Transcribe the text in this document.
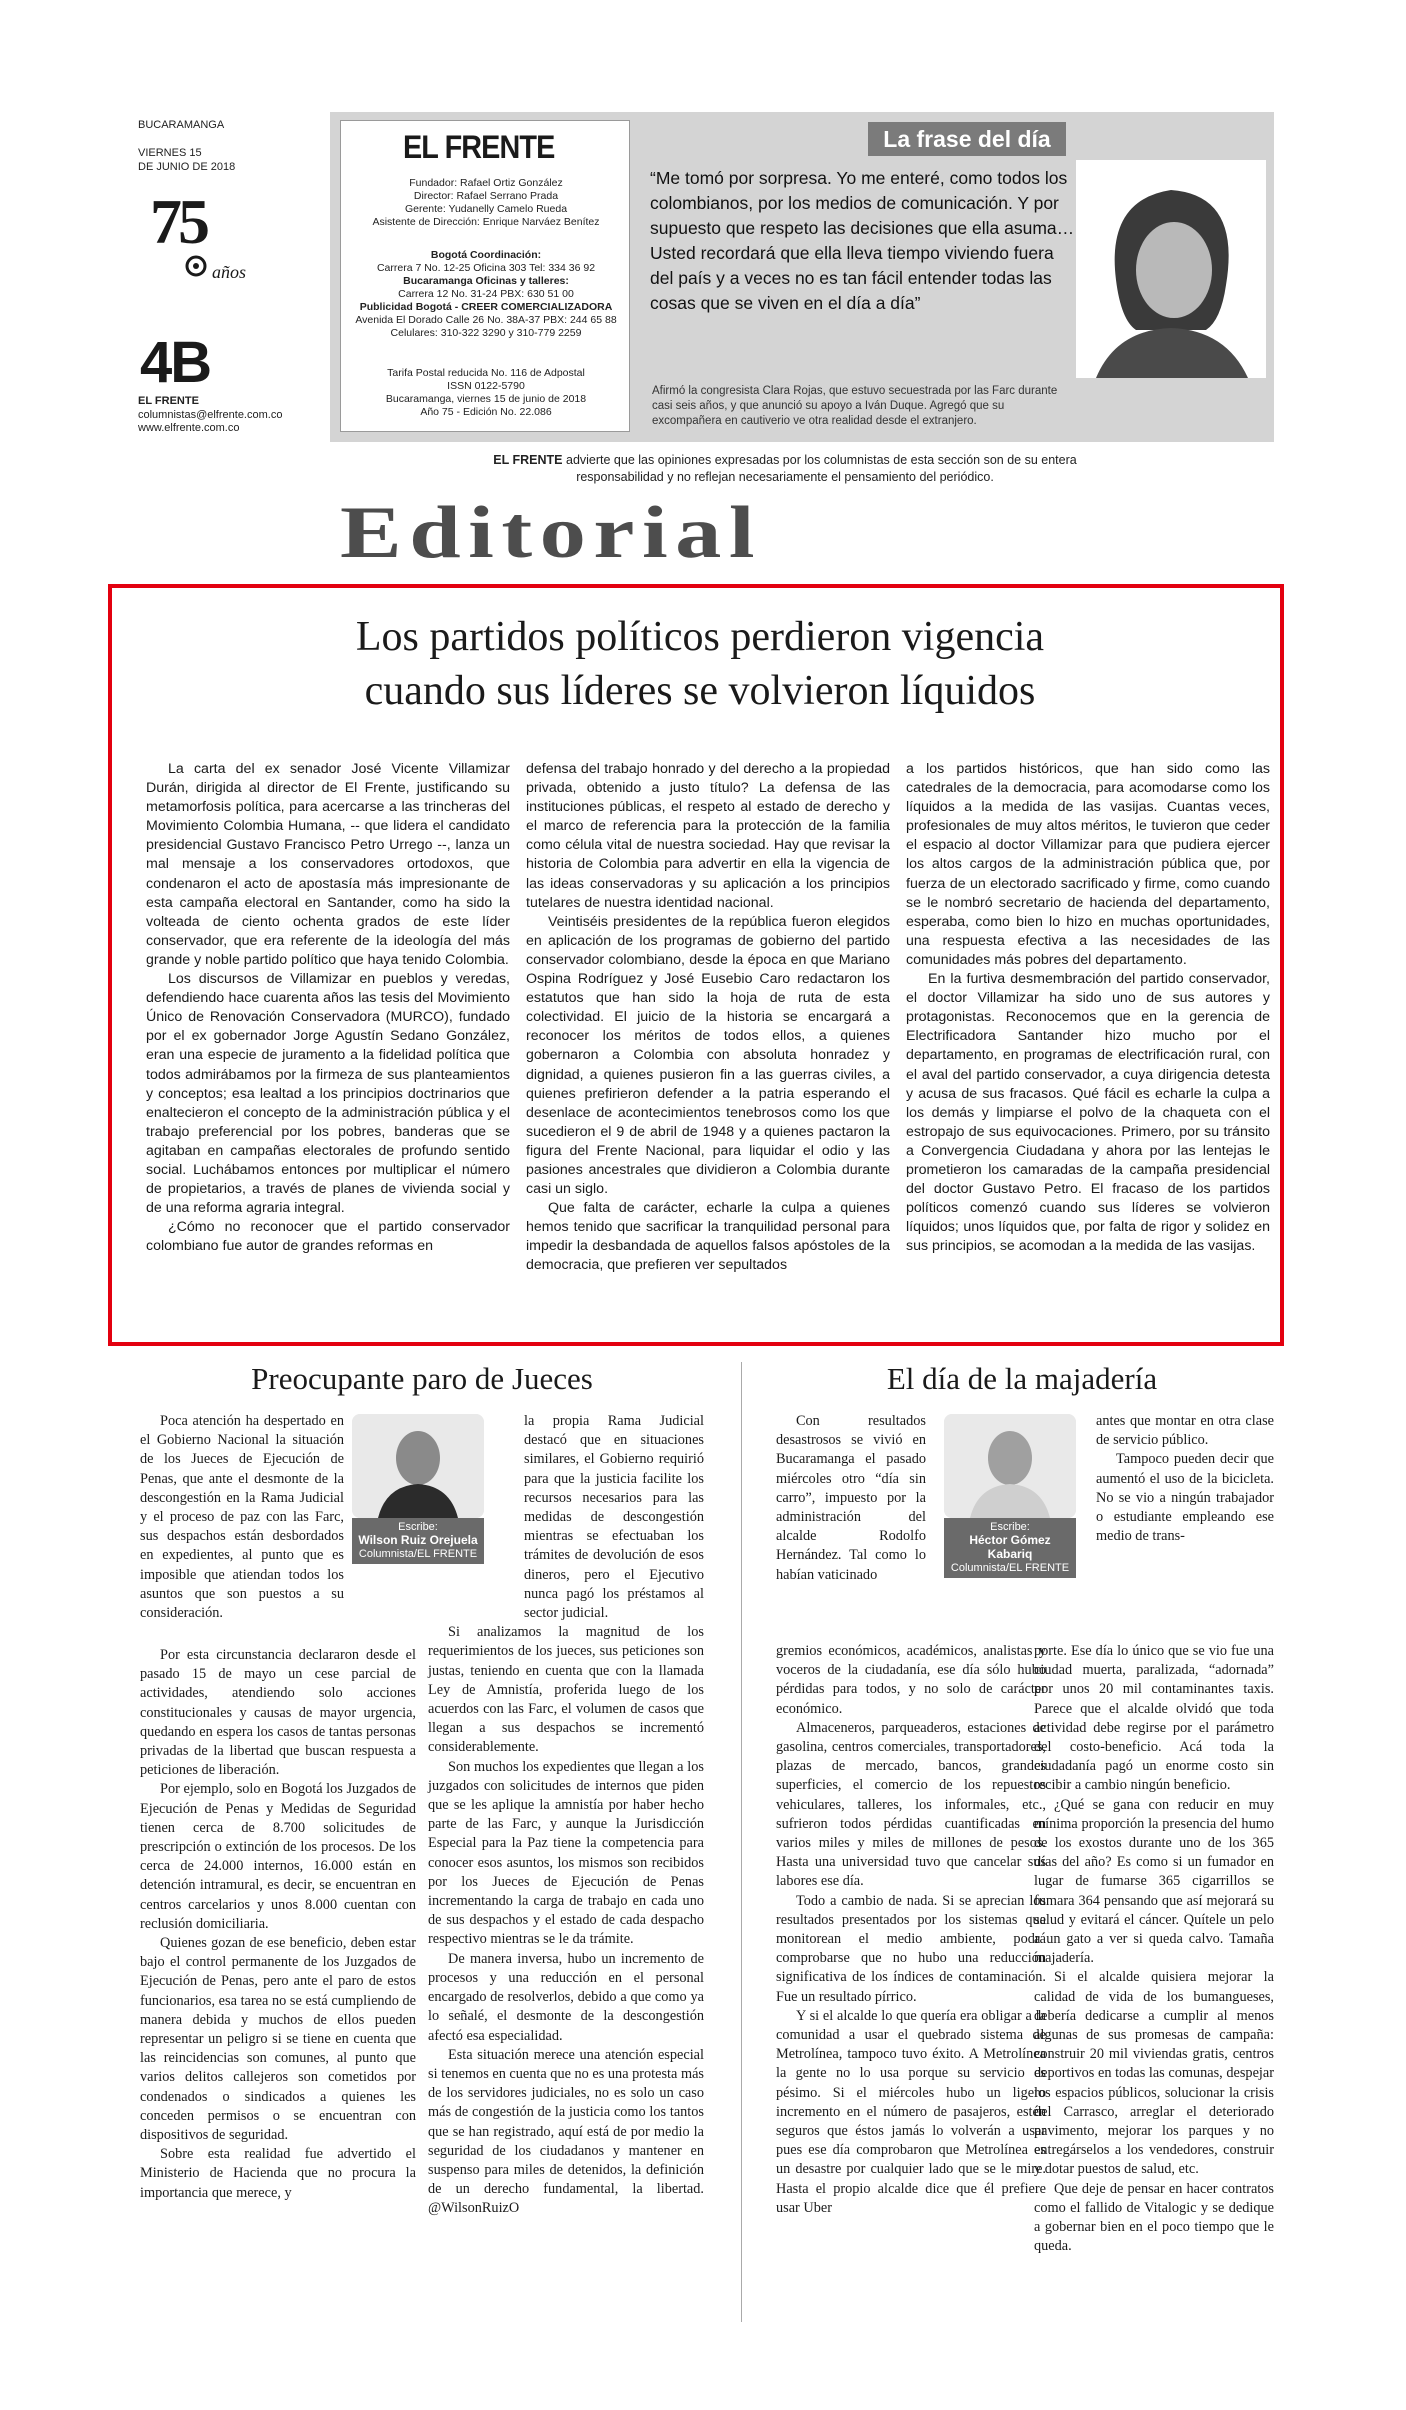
BUCARAMANGA
VIERNES 15
DE JUNIO DE 2018
75
años
4B
EL FRENTE
columnistas@elfrente.com.co
www.elfrente.com.co
EL FRENTE
Fundador: Rafael Ortiz González
Director: Rafael Serrano Prada
Gerente: Yudanelly Camelo Rueda
Asistente de Dirección: Enrique Narváez Benítez
Bogotá Coordinación:
Carrera 7 No. 12-25 Oficina 303 Tel: 334 36 92
Bucaramanga Oficinas y talleres:
Carrera 12 No. 31-24 PBX: 630 51 00
Publicidad Bogotá - CREER COMERCIALIZADORA
Avenida El Dorado Calle 26 No. 38A-37 PBX: 244 65 88
Celulares: 310-322 3290 y 310-779 2259
Tarifa Postal reducida No. 116 de Adpostal
ISSN 0122-5790
Bucaramanga, viernes 15 de junio de 2018
Año 75 - Edición No. 22.086
La frase del día
“Me tomó por sorpresa. Yo me enteré, como todos los colombianos, por los medios de comunicación. Y por supuesto que respeto las decisiones que ella asuma… Usted recordará que ella lleva tiempo viviendo fuera del país y a veces no es tan fácil entender todas las cosas que se viven en el día a día”
Afirmó la congresista Clara Rojas, que estuvo secuestrada por las Farc durante casi seis años, y que anunció su apoyo a Iván Duque. Agregó que su excompañera en cautiverio ve otra realidad desde el extranjero.
EL FRENTE advierte que las opiniones expresadas por los columnistas de esta sección son de su entera responsabilidad y no reflejan necesariamente el pensamiento del periódico.
Editorial
Los partidos políticos perdieron vigencia
cuando sus líderes se volvieron líquidos

La carta del ex senador José Vicente Villamizar Durán, dirigida al director de El Frente, justificando su metamorfosis política, para acercarse a las trincheras del Movimiento Colombia Humana, -- que lidera el candidato presidencial Gustavo Francisco Petro Urrego --, lanza un mal mensaje a los conservadores ortodoxos, que condenaron el acto de apostasía más impresionante de esta campaña electoral en Santander, como ha sido la volteada de ciento ochenta grados de este líder conservador, que era referente de la ideología del más grande y noble partido político que haya tenido Colombia.

Los discursos de Villamizar en pueblos y veredas, defendiendo hace cuarenta años las tesis del Movimiento Único de Renovación Conservadora (MURCO), fundado por el ex gobernador Jorge Agustín Sedano González, eran una especie de juramento a la fidelidad política que todos admirábamos por la firmeza de sus planteamientos y conceptos; esa lealtad a los principios doctrinarios que enaltecieron el concepto de la administración pública y el trabajo preferencial por los pobres, banderas que se agitaban en campañas electorales de profundo sentido social. Luchábamos entonces por multiplicar el número de propietarios, a través de planes de vivienda social y de una reforma agraria integral.

¿Cómo no reconocer que el partido conservador colombiano fue autor de grandes reformas en

defensa del trabajo honrado y del derecho a la propiedad privada, obtenido a justo título? La defensa de las instituciones públicas, el respeto al estado de derecho y el marco de referencia para la protección de la familia como célula vital de nuestra sociedad. Hay que revisar la historia de Colombia para advertir en ella la vigencia de las ideas conservadoras y su aplicación a los principios tutelares de nuestra identidad nacional.

Veintiséis presidentes de la república fueron elegidos en aplicación de los programas de gobierno del partido conservador colombiano, desde la época en que Mariano Ospina Rodríguez y José Eusebio Caro redactaron los estatutos que han sido la hoja de ruta de esta colectividad. El juicio de la historia se encargará a reconocer los méritos de todos ellos, a quienes gobernaron a Colombia con absoluta honradez y dignidad, a quienes pusieron fin a las guerras civiles, a quienes prefirieron defender a la patria esperando el desenlace de acontecimientos tenebrosos como los que sucedieron el 9 de abril de 1948 y a quienes pactaron la figura del Frente Nacional, para liquidar el odio y las pasiones ancestrales que dividieron a Colombia durante casi un siglo.

Que falta de carácter, echarle la culpa a quienes hemos tenido que sacrificar la tranquilidad personal para impedir la desbandada de aquellos falsos apóstoles de la democracia, que prefieren ver sepultados

a los partidos históricos, que han sido como las catedrales de la democracia, para acomodarse como los líquidos a la medida de las vasijas. Cuantas veces, profesionales de muy altos méritos, le tuvieron que ceder el espacio al doctor Villamizar para que pudiera ejercer los altos cargos de la administración pública que, por fuerza de un electorado sacrificado y firme, como cuando se le nombró secretario de hacienda del departamento, esperaba, como bien lo hizo en muchas oportunidades, una respuesta efectiva a las necesidades de las comunidades más pobres del departamento.

En la furtiva desmembración del partido conservador, el doctor Villamizar ha sido uno de sus autores y protagonistas. Reconocemos que en la gerencia de Electrificadora Santander hizo mucho por el departamento, en programas de electrificación rural, con el aval del partido conservador, a cuya dirigencia detesta y acusa de sus fracasos. Qué fácil es echarle la culpa a los demás y limpiarse el polvo de la chaqueta con el estropajo de sus equivocaciones. Primero, por su tránsito a Convergencia Ciudadana y ahora por las lentejas le prometieron los camaradas de la campaña presidencial del doctor Gustavo Petro. El fracaso de los partidos políticos comenzó cuando sus líderes se volvieron líquidos; unos líquidos que, por falta de rigor y solidez en sus principios, se acomodan a la medida de las vasijas.

Preocupante paro de Jueces

Poca atención ha despertado en el Gobierno Nacional la situación de los Jueces de Ejecución de Penas, que ante el desmonte de la descongestión en la Rama Judicial y el proceso de paz con las Farc, sus despachos están desbordados en expedientes, al punto que es imposible que atiendan todos los asuntos que son puestos a su consideración.

Por esta circunstancia declararon desde el pasado 15 de mayo un cese parcial de actividades, atendiendo solo acciones constitucionales y causas de mayor urgencia, quedando en espera los casos de tantas personas privadas de la libertad que buscan respuesta a peticiones de liberación.

Por ejemplo, solo en Bogotá los Juzgados de Ejecución de Penas y Medidas de Seguridad tienen cerca de 8.700 solicitudes de prescripción o extinción de los procesos. De los cerca de 24.000 internos, 16.000 están en detención intramural, es decir, se encuentran en centros carcelarios y unos 8.000 cuentan con reclusión domiciliaria.

Quienes gozan de ese beneficio, deben estar bajo el control permanente de los Juzgados de Ejecución de Penas, pero ante el paro de estos funcionarios, esa tarea no se está cumpliendo de manera debida y muchos de ellos pueden representar un peligro si se tiene en cuenta que las reincidencias son comunes, al punto que varios delitos callejeros son cometidos por condenados o sindicados a quienes les conceden permisos o se encuentran con dispositivos de seguridad.

Sobre esta realidad fue advertido el Ministerio de Hacienda que no procura la importancia que merece, y

Escribe:
Wilson Ruiz Orejuela
Columnista/EL FRENTE

la propia Rama Judicial destacó que en situaciones similares, el Gobierno requirió para que la justicia facilite los recursos necesarios para las medidas de descongestión mientras se efectuaban los trámites de devolución de esos dineros, pero el Ejecutivo nunca pagó los préstamos al sector judicial.

Si analizamos la magnitud de los requerimientos de los jueces, sus peticiones son justas, teniendo en cuenta que con la llamada Ley de Amnistía, proferida luego de los acuerdos con las Farc, el volumen de casos que llegan a sus despachos se incrementó considerablemente.

Son muchos los expedientes que llegan a los juzgados con solicitudes de internos que piden que se les aplique la amnistía por haber hecho parte de las Farc, y aunque la Jurisdicción Especial para la Paz tiene la competencia para conocer esos asuntos, los mismos son recibidos por los Jueces de Ejecución de Penas incrementando la carga de trabajo en cada uno de sus despachos y el estado de cada despacho respectivo mientras se le da trámite.

De manera inversa, hubo un incremento de procesos y una reducción en el personal encargado de resolverlos, debido a que como ya lo señalé, el desmonte de la descongestión afectó esa especialidad.

Esta situación merece una atención especial si tenemos en cuenta que no es una protesta más de los servidores judiciales, no es solo un caso más de congestión de la justicia como los tantos que se han registrado, aquí está de por medio la seguridad de los ciudadanos y mantener en suspenso para miles de detenidos, la definición de un derecho fundamental, la libertad. @WilsonRuizO

El día de la majadería

Con resultados desastrosos se vivió en Bucaramanga el pasado miércoles otro “día sin carro”, impuesto por la administración del alcalde Rodolfo Hernández. Tal como lo habían vaticinado

gremios económicos, académicos, analistas y voceros de la ciudadanía, ese día sólo hubo pérdidas para todos, y no solo de carácter económico.

Almaceneros, parqueaderos, estaciones de gasolina, centros comerciales, transportadores, plazas de mercado, bancos, grandes superficies, el comercio de los repuestos vehiculares, talleres, los informales, etc., sufrieron todos pérdidas cuantificadas en varios miles y miles de millones de pesos. Hasta una universidad tuvo que cancelar sus labores ese día.

Todo a cambio de nada. Si se aprecian los resultados presentados por los sistemas que monitorean el medio ambiente, podrá comprobarse que no hubo una reducción significativa de los índices de contaminación. Fue un resultado pírrico.

Y si el alcalde lo que quería era obligar a la comunidad a usar el quebrado sistema de Metrolínea, tampoco tuvo éxito. A Metrolínea la gente no lo usa porque su servicio es pésimo. Si el miércoles hubo un ligero incremento en el número de pasajeros, estén seguros que éstos jamás lo volverán a usar pues ese día comprobaron que Metrolínea es un desastre por cualquier lado que se le mire. Hasta el propio alcalde dice que él prefiere usar Uber

Escribe:
Héctor Gómez Kabariq
Columnista/EL FRENTE

antes que montar en otra clase de servicio público.

Tampoco pueden decir que aumentó el uso de la bicicleta. No se vio a ningún trabajador o estudiante empleando ese medio de trans-

porte. Ese día lo único que se vio fue una ciudad muerta, paralizada, “adornada” por unos 20 mil contaminantes taxis. Parece que el alcalde olvidó que toda actividad debe regirse por el parámetro del costo-beneficio. Acá toda la ciudadanía pagó un enorme costo sin recibir a cambio ningún beneficio.

¿Qué se gana con reducir en muy mínima proporción la presencia del humo de los exostos durante uno de los 365 días del año? Es como si un fumador en lugar de fumarse 365 cigarrillos se fumara 364 pensando que así mejorará su salud y evitará el cáncer. Quítele un pelo a un gato a ver si queda calvo. Tamaña majadería.

Si el alcalde quisiera mejorar la calidad de vida de los bumangueses, debería dedicarse a cumplir al menos algunas de sus promesas de campaña: construir 20 mil viviendas gratis, centros deportivos en todas las comunas, despejar los espacios públicos, solucionar la crisis del Carrasco, arreglar el deteriorado pavimento, mejorar los parques y no entregárselos a los vendedores, construir y dotar puestos de salud, etc.

Que deje de pensar en hacer contratos como el fallido de Vitalogic y se dedique a gobernar bien en el poco tiempo que le queda.
